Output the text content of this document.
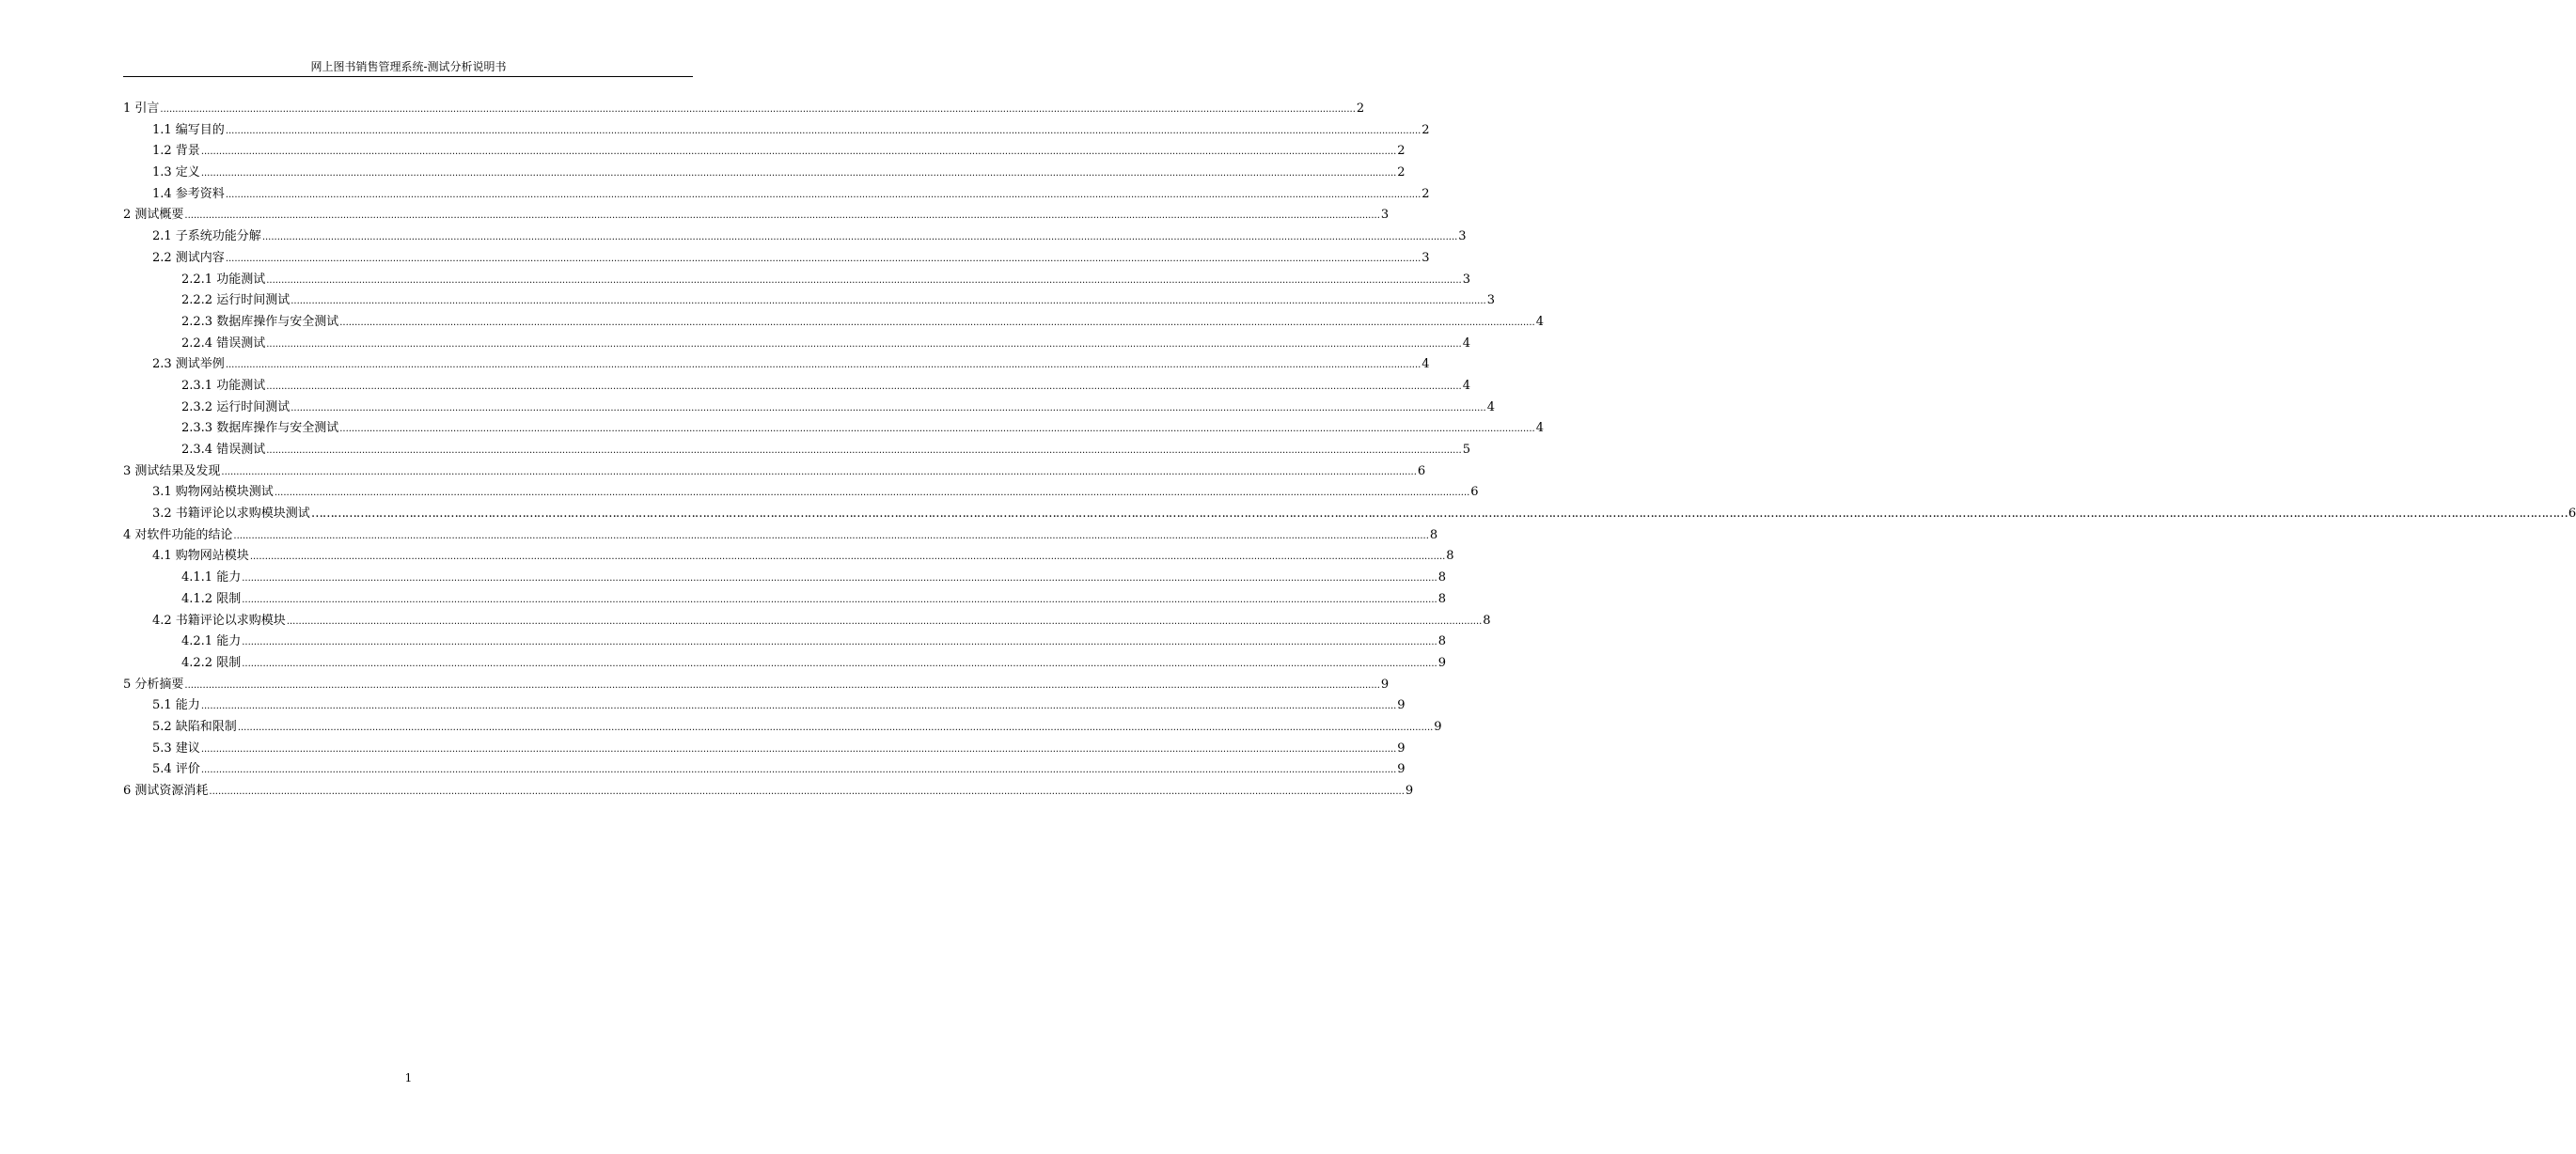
网上图书销售管理系统-测试分析说明书
1 引言 ................................................................................................................................................................................................................................................................................................................................................................................................................ 2
1.1 编写目的 ................................................................................................................................................................................................................................................................................................................................................................................................................ 2
1.2 背景 ................................................................................................................................................................................................................................................................................................................................................................................................................ 2
1.3 定义 ................................................................................................................................................................................................................................................................................................................................................................................................................ 2
1.4 参考资料 ................................................................................................................................................................................................................................................................................................................................................................................................................ 2
2 测试概要 ................................................................................................................................................................................................................................................................................................................................................................................................................ 3
2.1 子系统功能分解 ................................................................................................................................................................................................................................................................................................................................................................................................................ 3
2.2 测试内容 ................................................................................................................................................................................................................................................................................................................................................................................................................ 3
2.2.1 功能测试 ................................................................................................................................................................................................................................................................................................................................................................................................................ 3
2.2.2 运行时间测试 ................................................................................................................................................................................................................................................................................................................................................................................................................ 3
2.2.3 数据库操作与安全测试 ................................................................................................................................................................................................................................................................................................................................................................................................................ 4
2.2.4 错误测试 ................................................................................................................................................................................................................................................................................................................................................................................................................ 4
2.3 测试举例 ................................................................................................................................................................................................................................................................................................................................................................................................................ 4
2.3.1 功能测试 ................................................................................................................................................................................................................................................................................................................................................................................................................ 4
2.3.2 运行时间测试 ................................................................................................................................................................................................................................................................................................................................................................................................................ 4
2.3.3 数据库操作与安全测试 ................................................................................................................................................................................................................................................................................................................................................................................................................ 4
2.3.4 错误测试 ................................................................................................................................................................................................................................................................................................................................................................................................................ 5
3 测试结果及发现 ................................................................................................................................................................................................................................................................................................................................................................................................................ 6
3.1 购物网站模块测试 ................................................................................................................................................................................................................................................................................................................................................................................................................ 6
3.2 书籍评论以求购模块测试 …………………………………………………………………………………………………………………………………………………………………………………………………………………………………………………………………………………………………………………………………………………………………………………………………………………………………………………………………………………………………………………………………………………… 6
4 对软件功能的结论 ................................................................................................................................................................................................................................................................................................................................................................................................................ 8
4.1 购物网站模块 ................................................................................................................................................................................................................................................................................................................................................................................................................ 8
4.1.1 能力 ................................................................................................................................................................................................................................................................................................................................................................................................................ 8
4.1.2 限制 ................................................................................................................................................................................................................................................................................................................................................................................................................ 8
4.2 书籍评论以求购模块 ................................................................................................................................................................................................................................................................................................................................................................................................................ 8
4.2.1 能力 ................................................................................................................................................................................................................................................................................................................................................................................................................ 8
4.2.2 限制 ................................................................................................................................................................................................................................................................................................................................................................................................................ 9
5 分析摘要 ................................................................................................................................................................................................................................................................................................................................................................................................................ 9
5.1 能力 ................................................................................................................................................................................................................................................................................................................................................................................................................ 9
5.2 缺陷和限制 ................................................................................................................................................................................................................................................................................................................................................................................................................ 9
5.3 建议 ................................................................................................................................................................................................................................................................................................................................................................................................................ 9
5.4 评价 ................................................................................................................................................................................................................................................................................................................................................................................................................ 9
6 测试资源消耗 ................................................................................................................................................................................................................................................................................................................................................................................................................ 9
1
